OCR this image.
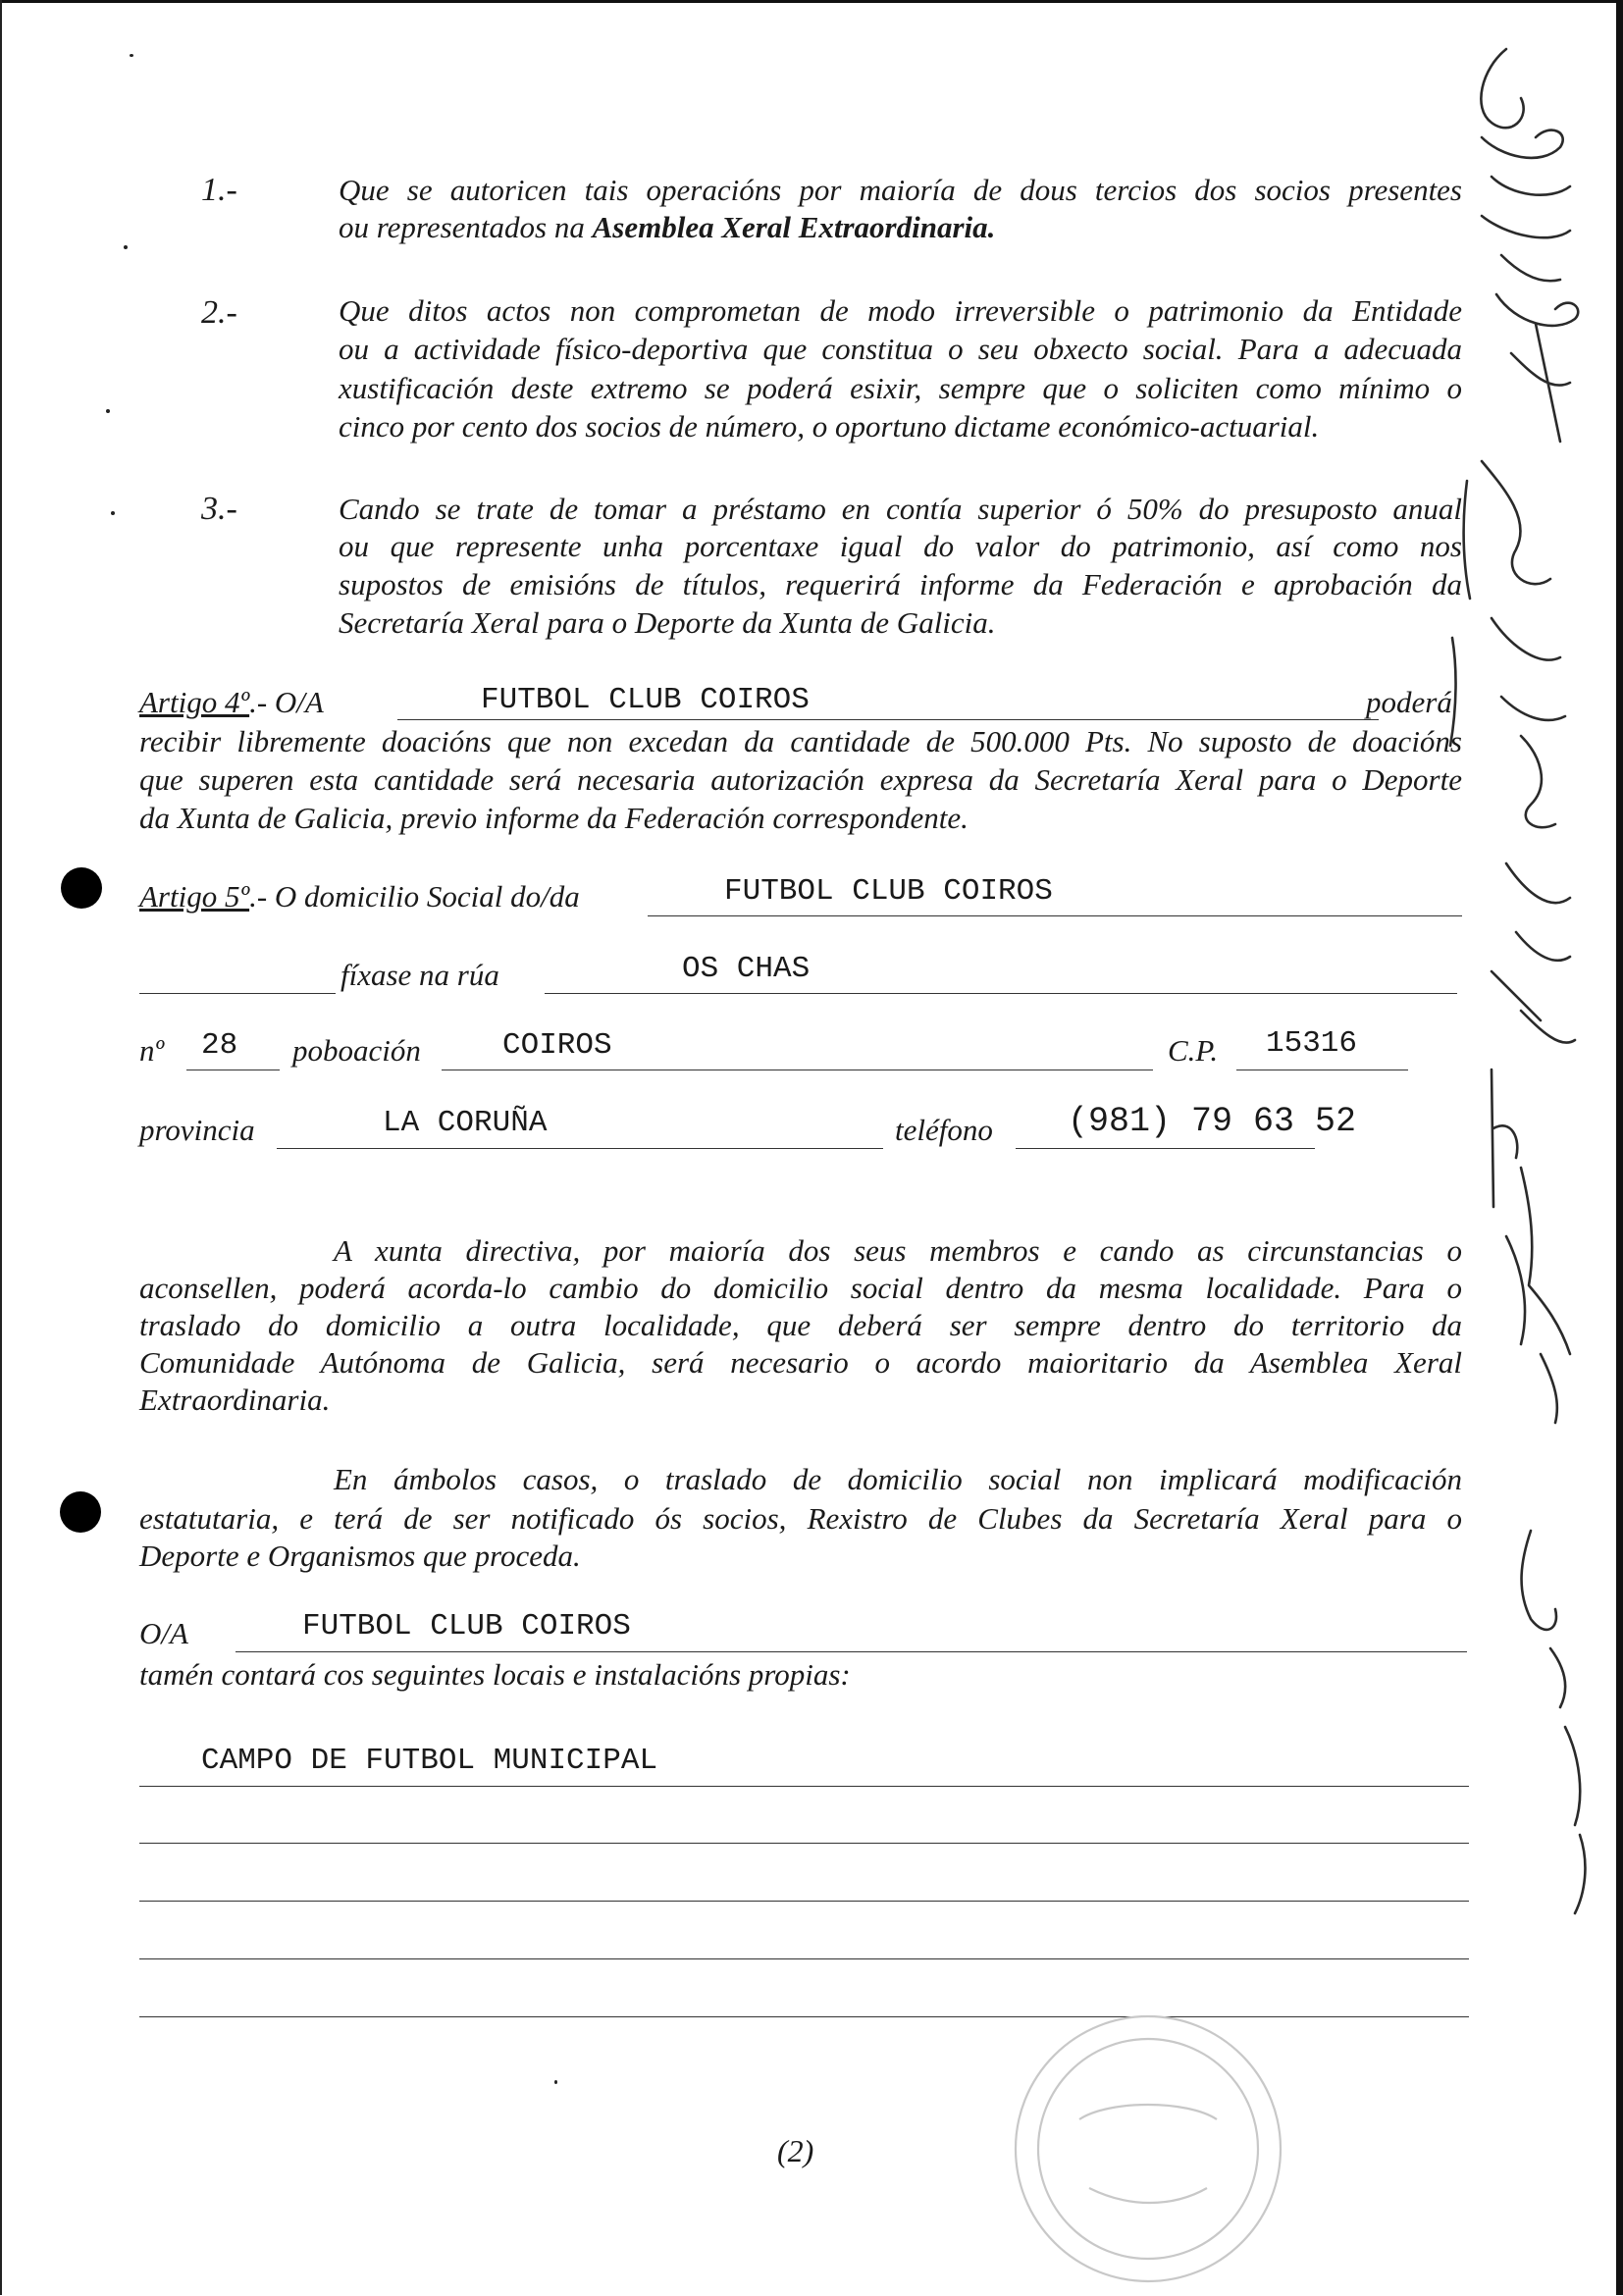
1.-	Que se autoricen tais operacións por maioría de dous tercios dos socios presentes
ou representados na Asemblea Xeral Extraordinaria.
2.-	Que ditos actos non comprometan de modo irreversible o patrimonio da Entidade
ou a actividade físico-deportiva que constitua o seu obxecto social. Para a adecuada
xustificación deste extremo se poderá esixir, sempre que o soliciten como mínimo o
cinco por cento dos socios de número, o oportuno dictame económico-actuarial.
3.-	Cando se trate de tomar a préstamo en contía superior ó 50% do presuposto anual
ou que represente unha porcentaxe igual do valor do patrimonio, así como nos
supostos de emisións de títulos, requerirá informe da Federación e aprobación da
Secretaría Xeral para o Deporte da Xunta de Galicia.
Artigo 4º.- O/A	FUTBOL CLUB COIROS	poderá
recibir libremente doacións que non excedan da cantidade de 500.000 Pts. No suposto de doacións
que superen esta cantidade será necesaria autorización expresa da Secretaría Xeral para o Deporte
da Xunta de Galicia, previo informe da Federación correspondente.
Artigo 5º.- O domicilio Social do/da	FUTBOL CLUB COIROS
fíxase na rúa	OS CHAS
nº 28 poboación	COIROS	C.P. 15316
provincia	LA CORUÑA	teléfono (981) 79 63 52
A xunta directiva, por maioría dos seus membros e cando as circunstancias o
aconsellen, poderá acorda-lo cambio do domicilio social dentro da mesma localidade. Para o
traslado do domicilio a outra localidade, que deberá ser sempre dentro do territorio da
Comunidade Autónoma de Galicia, será necesario o acordo maioritario da Asemblea Xeral
Extraordinaria.
En ámbolos casos, o traslado de domicilio social non implicará modificación
estatutaria, e terá de ser notificado ós socios, Rexistro de Clubes da Secretaría Xeral para o
Deporte e Organismos que proceda.
O/A	FUTBOL CLUB COIROS
tamén contará cos seguintes locais e instalacións propias:
CAMPO DE FUTBOL MUNICIPAL
(2)
